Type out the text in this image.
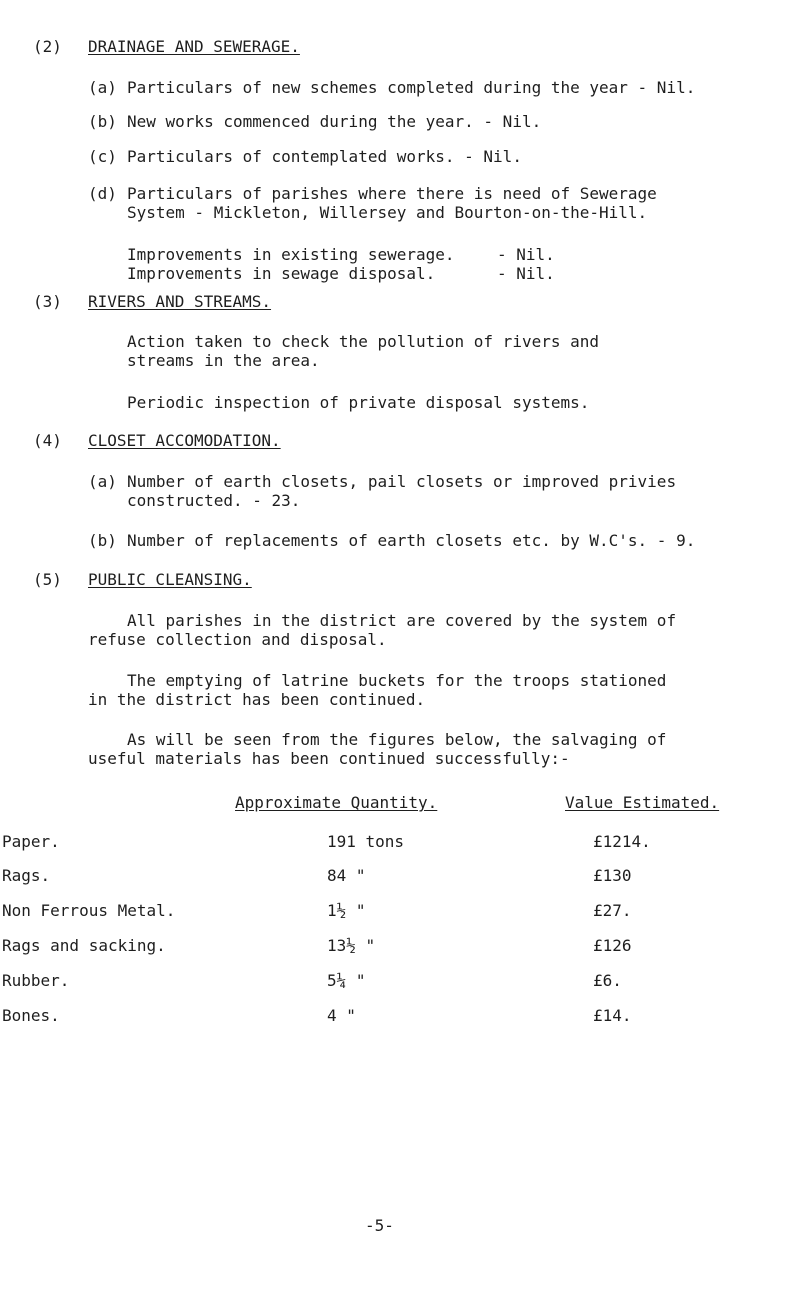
(2) DRAINAGE AND SEWERAGE.
(a) Particulars of new schemes completed during the year - Nil.
(b) New works commenced during the year. - Nil.
(c) Particulars of contemplated works. - Nil.
(d) Particulars of parishes where there is need of Sewerage
System - Mickleton, Willersey and Bourton-on-the-Hill.
Improvements in existing sewerage.	- Nil.
Improvements in sewage disposal.	- Nil.
(3) RIVERS AND STREAMS.
Action taken to check the pollution of rivers and
streams in the area.
Periodic inspection of private disposal systems.
(4) CLOSET ACCOMODATION.
(a) Number of earth closets, pail closets or improved privies
constructed. - 23.
(b) Number of replacements of earth closets etc. by W.C's. - 9.
(5) PUBLIC CLEANSING.
All parishes in the district are covered by the system of
refuse collection and disposal.
The emptying of latrine buckets for the troops stationed
in the district has been continued.
As will be seen from the figures below, the salvaging of
useful materials has been continued successfully:-
Approximate Quantity.	Value Estimated.
Paper.	191 tons	£1214.
Rags.	84 "	£130
Non Ferrous Metal.	1½ "	£27.
Rags and sacking.	13½ "	£126
Rubber.	5¼ "	£6.
Bones.	4 "	£14.
-5-
